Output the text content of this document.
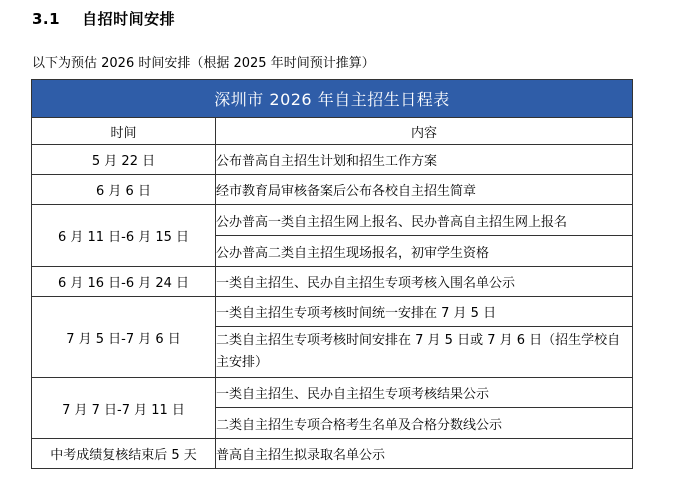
3.1 自招时间安排
以下为预估 2026 时间安排（根据 2025 年时间预计推算）
深圳市 2026 年自主招生日程表	
时间	内容
5 月 22 日	公布普高自主招生计划和招生工作方案
6 月 6 日	经市教育局审核备案后公布各校自主招生简章
6 月 11 日-6 月 15 日	公办普高一类自主招生网上报名、民办普高自主招生网上报名
	公办普高二类自主招生现场报名，初审学生资格
6 月 16 日-6 月 24 日	一类自主招生、民办自主招生专项考核入围名单公示
7 月 5 日-7 月 6 日	一类自主招生专项考核时间统一安排在 7 月 5 日
	二类自主招生专项考核时间安排在 7 月 5 日或 7 月 6 日（招生学校自主安排）
7 月 7 日-7 月 11 日	一类自主招生、民办自主招生专项考核结果公示
	二类自主招生专项合格考生名单及合格分数线公示
中考成绩复核结束后 5 天	普高自主招生拟录取名单公示
